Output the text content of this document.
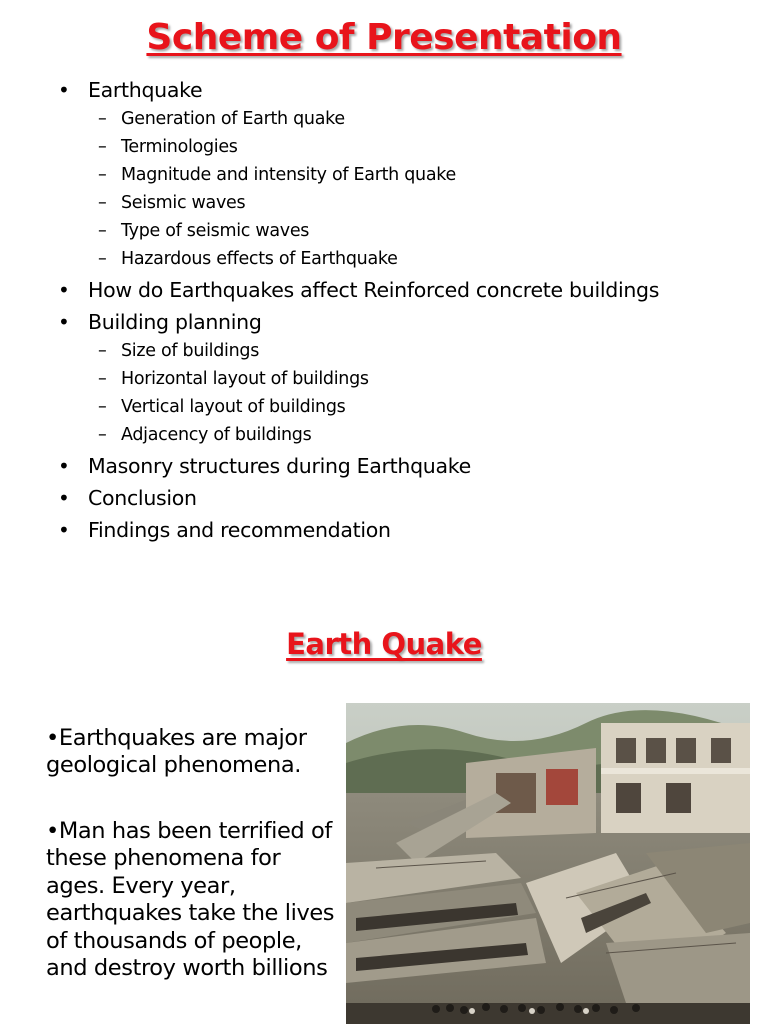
Scheme of Presentation
• Earthquake
– Generation of Earth quake
– Terminologies
– Magnitude and intensity of Earth quake
– Seismic waves
– Type of seismic waves
– Hazardous effects of Earthquake
• How do Earthquakes affect Reinforced concrete buildings
• Building planning
– Size of buildings
– Horizontal layout of buildings
– Vertical layout of buildings
– Adjacency of buildings
• Masonry structures during Earthquake
• Conclusion
• Findings and recommendation
Earth Quake

•Earthquakes are major geological phenomena.

•Man has been terrified of these phenomena for ages. Every year, earthquakes take the lives of thousands of people, and destroy worth billions
